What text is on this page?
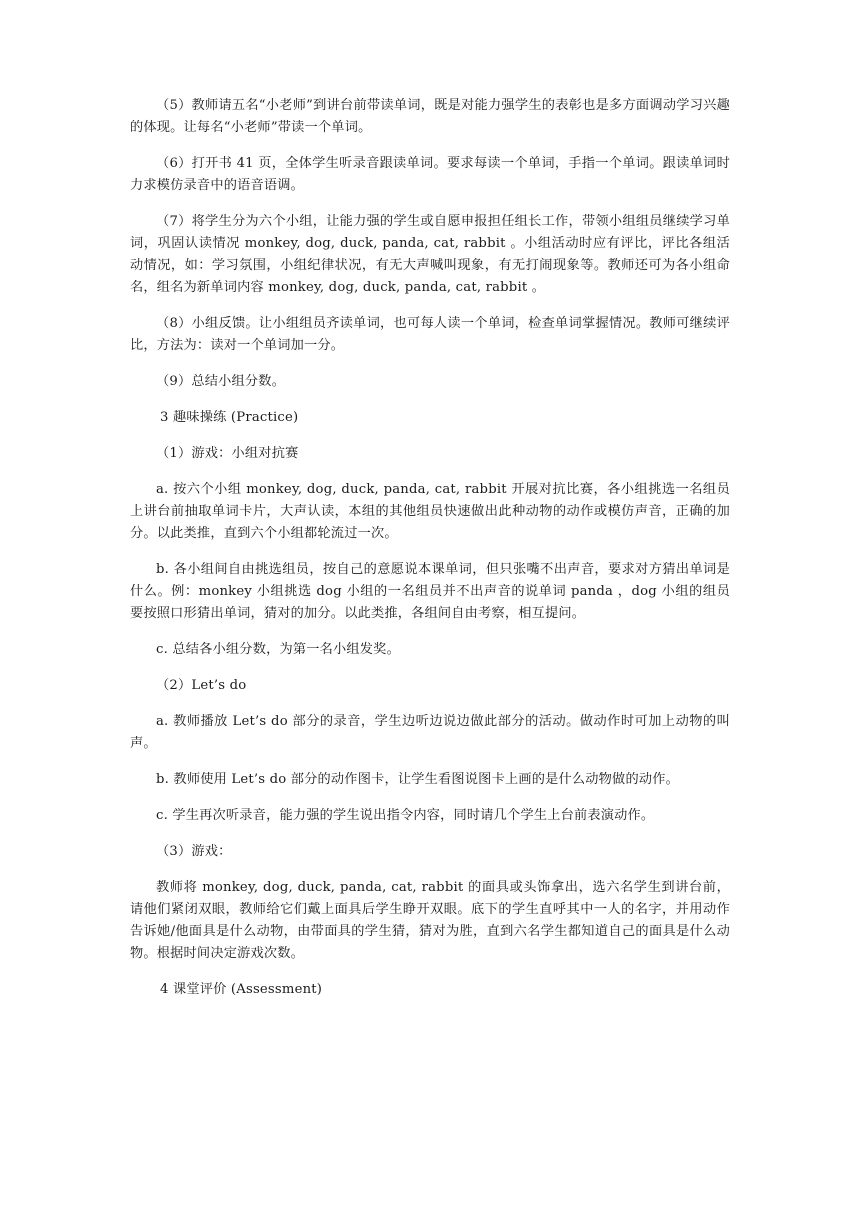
（5）教师请五名“小老师”到讲台前带读单词，既是对能力强学生的表彰也是多方面调动学习兴趣的体现。让每名“小老师”带读一个单词。

（6）打开书 41 页，全体学生听录音跟读单词。要求每读一个单词，手指一个单词。跟读单词时力求模仿录音中的语音语调。

（7）将学生分为六个小组，让能力强的学生或自愿申报担任组长工作，带领小组组员继续学习单词，巩固认读情况 monkey, dog, duck, panda, cat, rabbit 。小组活动时应有评比，评比各组活动情况，如：学习氛围，小组纪律状况，有无大声喊叫现象，有无打闹现象等。教师还可为各小组命名，组名为新单词内容 monkey, dog, duck, panda, cat, rabbit 。

（8）小组反馈。让小组组员齐读单词，也可每人读一个单词，检查单词掌握情况。教师可继续评比，方法为：读对一个单词加一分。

（9）总结小组分数。

3 趣味操练 (Practice)

（1）游戏：小组对抗赛

a. 按六个小组 monkey, dog, duck, panda, cat, rabbit 开展对抗比赛，各小组挑选一名组员上讲台前抽取单词卡片，大声认读，本组的其他组员快速做出此种动物的动作或模仿声音，正确的加分。以此类推，直到六个小组都轮流过一次。

b. 各小组间自由挑选组员，按自己的意愿说本课单词，但只张嘴不出声音，要求对方猜出单词是什么。例：monkey 小组挑选 dog 小组的一名组员并不出声音的说单词 panda ，dog 小组的组员要按照口形猜出单词，猜对的加分。以此类推，各组间自由考察，相互提问。

c. 总结各小组分数，为第一名小组发奖。

（2）Let’s do

a. 教师播放 Let’s do 部分的录音，学生边听边说边做此部分的活动。做动作时可加上动物的叫声。

b. 教师使用 Let’s do 部分的动作图卡，让学生看图说图卡上画的是什么动物做的动作。

c. 学生再次听录音，能力强的学生说出指令内容，同时请几个学生上台前表演动作。

（3）游戏：

教师将 monkey, dog, duck, panda, cat, rabbit 的面具或头饰拿出，选六名学生到讲台前，请他们紧闭双眼，教师给它们戴上面具后学生睁开双眼。底下的学生直呼其中一人的名字，并用动作告诉她/他面具是什么动物，由带面具的学生猜，猜对为胜，直到六名学生都知道自己的面具是什么动物。根据时间决定游戏次数。

4 课堂评价 (Assessment)
